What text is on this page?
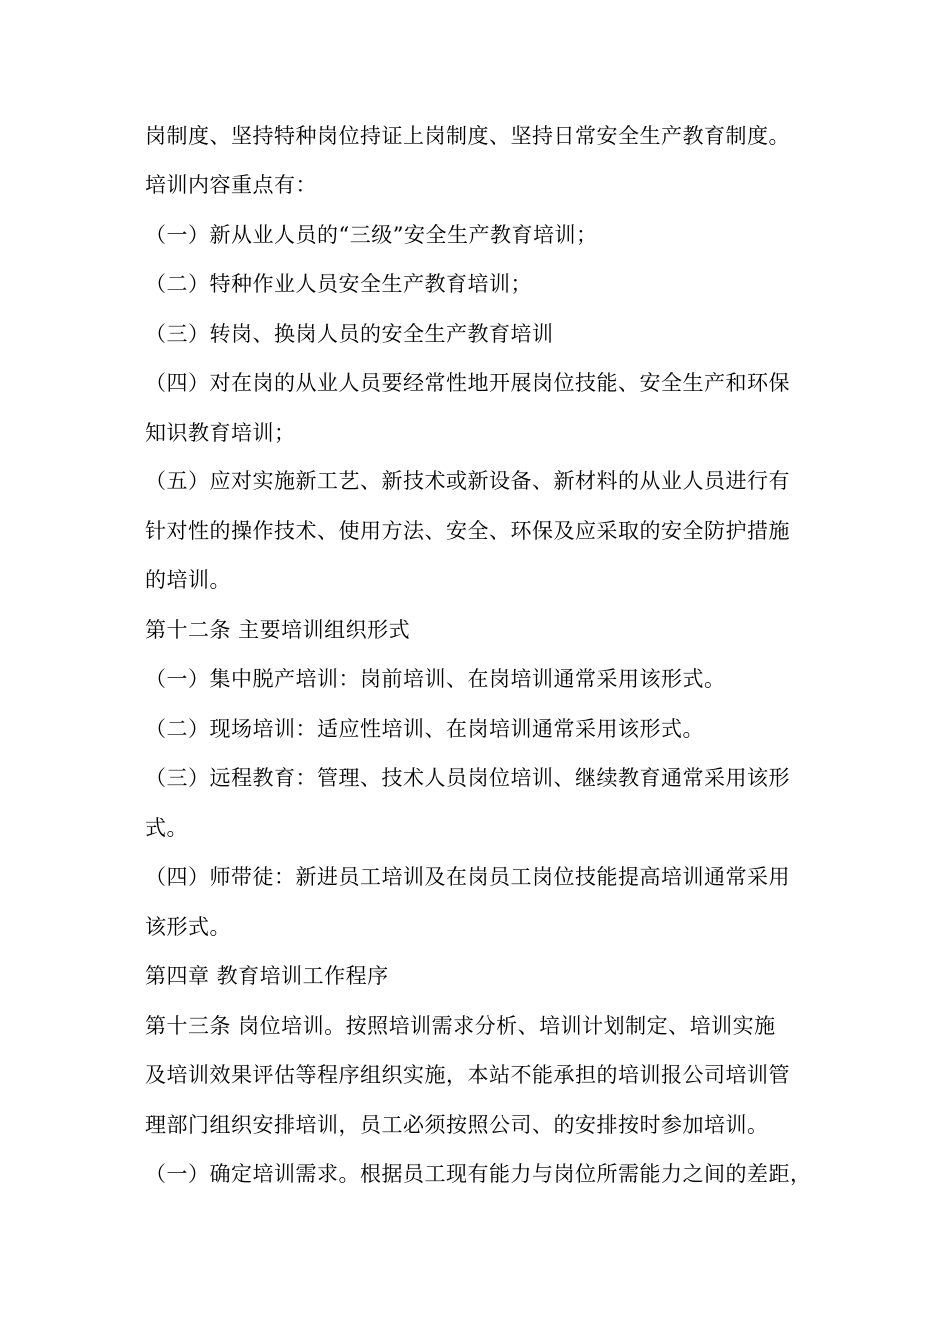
岗制度、坚持特种岗位持证上岗制度、坚持日常安全生产教育制度。
培训内容重点有：
（一）新从业人员的“三级”安全生产教育培训；
（二）特种作业人员安全生产教育培训；
（三）转岗、换岗人员的安全生产教育培训
（四）对在岗的从业人员要经常性地开展岗位技能、安全生产和环保
知识教育培训；
（五）应对实施新工艺、新技术或新设备、新材料的从业人员进行有
针对性的操作技术、使用方法、安全、环保及应采取的安全防护措施
的培训。
第十二条 主要培训组织形式
（一）集中脱产培训：岗前培训、在岗培训通常采用该形式。
（二）现场培训：适应性培训、在岗培训通常采用该形式。
（三）远程教育：管理、技术人员岗位培训、继续教育通常采用该形
式。
（四）师带徒：新进员工培训及在岗员工岗位技能提高培训通常采用
该形式。
第四章 教育培训工作程序
第十三条 岗位培训。按照培训需求分析、培训计划制定、培训实施
及培训效果评估等程序组织实施，本站不能承担的培训报公司培训管
理部门组织安排培训，员工必须按照公司、的安排按时参加培训。
（一）确定培训需求。根据员工现有能力与岗位所需能力之间的差距，
